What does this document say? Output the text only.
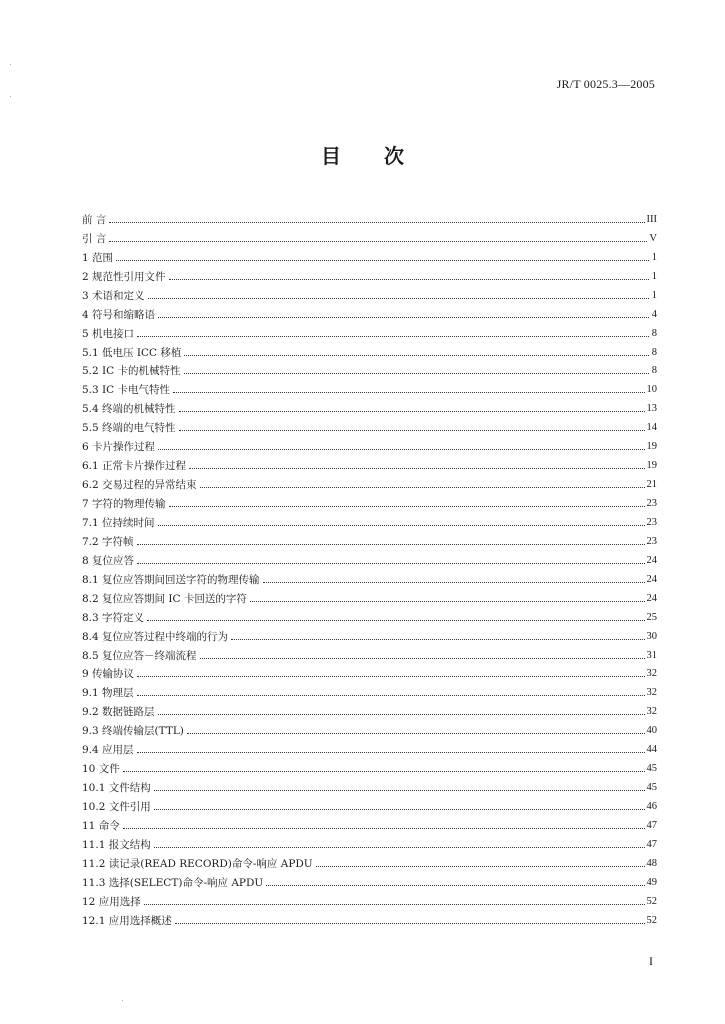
JR/T 0025.3—2005
目 次
前 言	III
引 言	V
1 范围	1
2 规范性引用文件	1
3 术语和定义	1
4 符号和缩略语	4
5 机电接口	8
5.1 低电压 ICC 移植	8
5.2 IC 卡的机械特性	8
5.3 IC 卡电气特性	10
5.4 终端的机械特性	13
5.5 终端的电气特性	14
6 卡片操作过程	19
6.1 正常卡片操作过程	19
6.2 交易过程的异常结束	21
7 字符的物理传输	23
7.1 位持续时间	23
7.2 字符帧	23
8 复位应答	24
8.1 复位应答期间回送字符的物理传输	24
8.2 复位应答期间 IC 卡回送的字符	24
8.3 字符定义	25
8.4 复位应答过程中终端的行为	30
8.5 复位应答－终端流程	31
9 传输协议	32
9.1 物理层	32
9.2 数据链路层	32
9.3 终端传输层(TTL)	40
9.4 应用层	44
10 文件	45
10.1 文件结构	45
10.2 文件引用	46
11 命令	47
11.1 报文结构	47
11.2 读记录(READ RECORD)命令-响应 APDU	48
11.3 选择(SELECT)命令-响应 APDU	49
12 应用选择	52
12.1 应用选择概述	52
I
